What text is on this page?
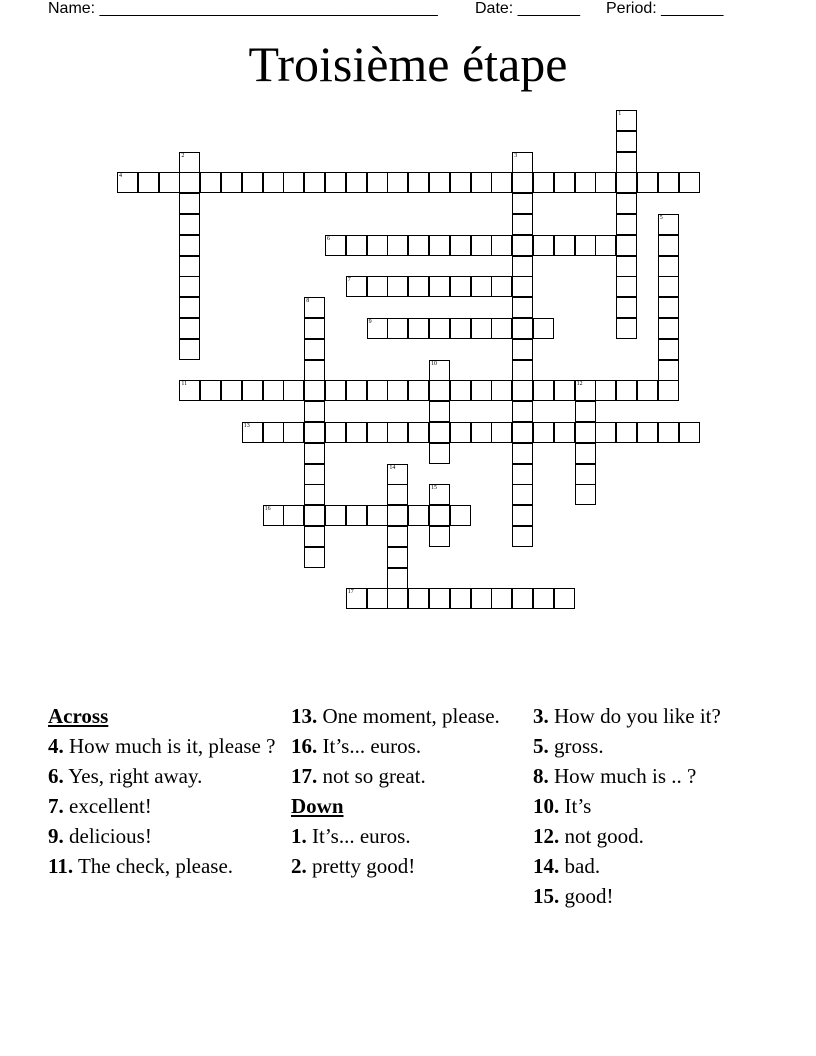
Name: ______________________________________ Date: _______ Period: _______
Troisième étape
1
2	3
4
5
6
7
8
9
10
11	12
13
14
15
16
17
Across
4. How much is it, please ?
6. Yes, right away.
7. excellent!
9. delicious!
11. The check, please.
13. One moment, please.
16. It’s... euros.
17. not so great.
Down
1. It’s... euros.
2. pretty good!
3. How do you like it?
5. gross.
8. How much is .. ?
10. It’s
12. not good.
14. bad.
15. good!
